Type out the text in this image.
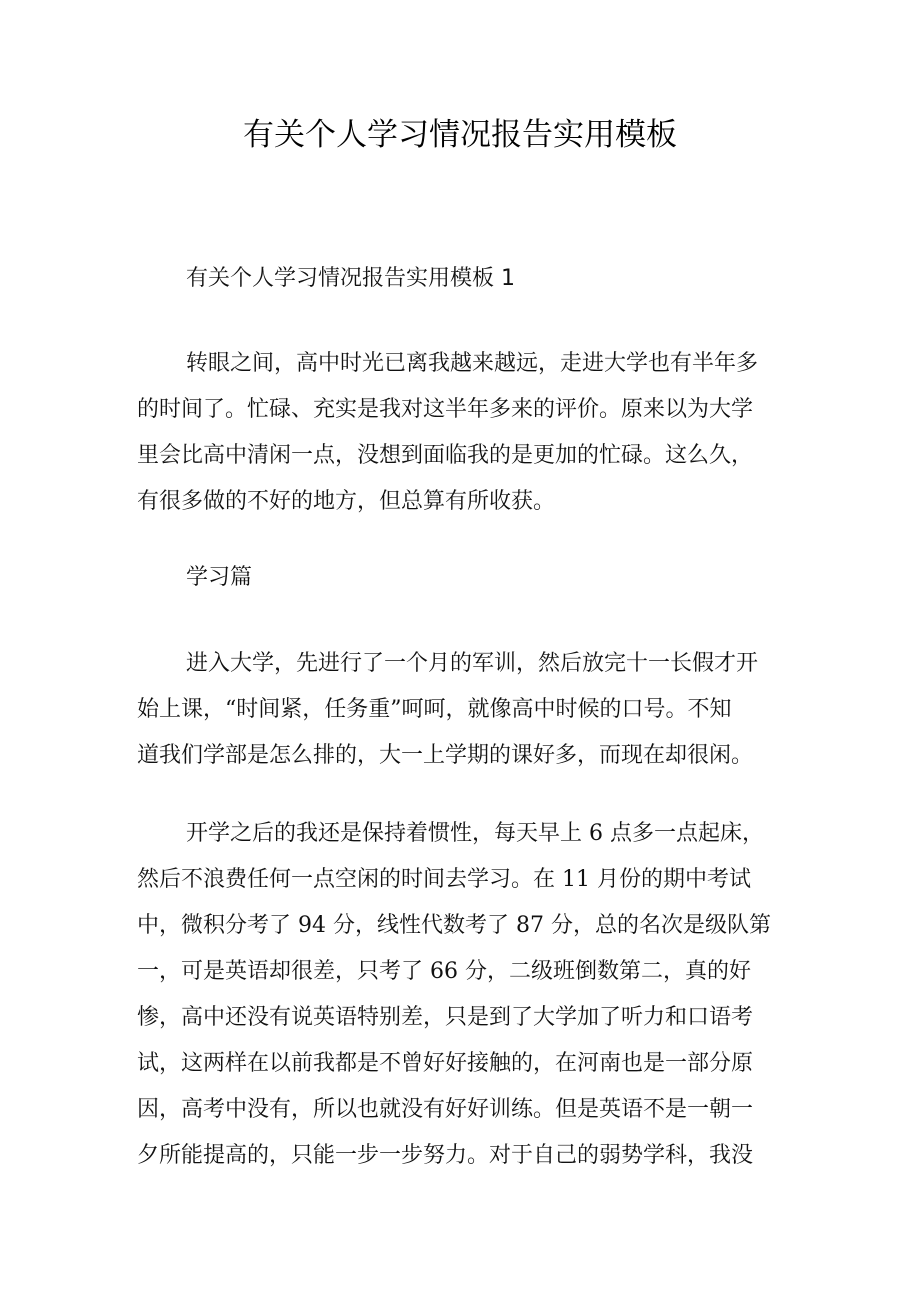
有关个人学习情况报告实用模板
有关个人学习情况报告实用模板 1
转眼之间，高中时光已离我越来越远，走进大学也有半年多
的时间了。忙碌、充实是我对这半年多来的评价。原来以为大学
里会比高中清闲一点，没想到面临我的是更加的忙碌。这么久，
有很多做的不好的地方，但总算有所收获。
学习篇
进入大学，先进行了一个月的军训，然后放完十一长假才开
始上课，“时间紧，任务重”呵呵，就像高中时候的口号。不知
道我们学部是怎么排的，大一上学期的课好多，而现在却很闲。
开学之后的我还是保持着惯性，每天早上 6 点多一点起床，
然后不浪费任何一点空闲的时间去学习。在 11 月份的期中考试
中，微积分考了 94 分，线性代数考了 87 分，总的名次是级队第
一，可是英语却很差，只考了 66 分，二级班倒数第二，真的好
惨，高中还没有说英语特别差，只是到了大学加了听力和口语考
试，这两样在以前我都是不曾好好接触的，在河南也是一部分原
因，高考中没有，所以也就没有好好训练。但是英语不是一朝一
夕所能提高的，只能一步一步努力。对于自己的弱势学科，我没
